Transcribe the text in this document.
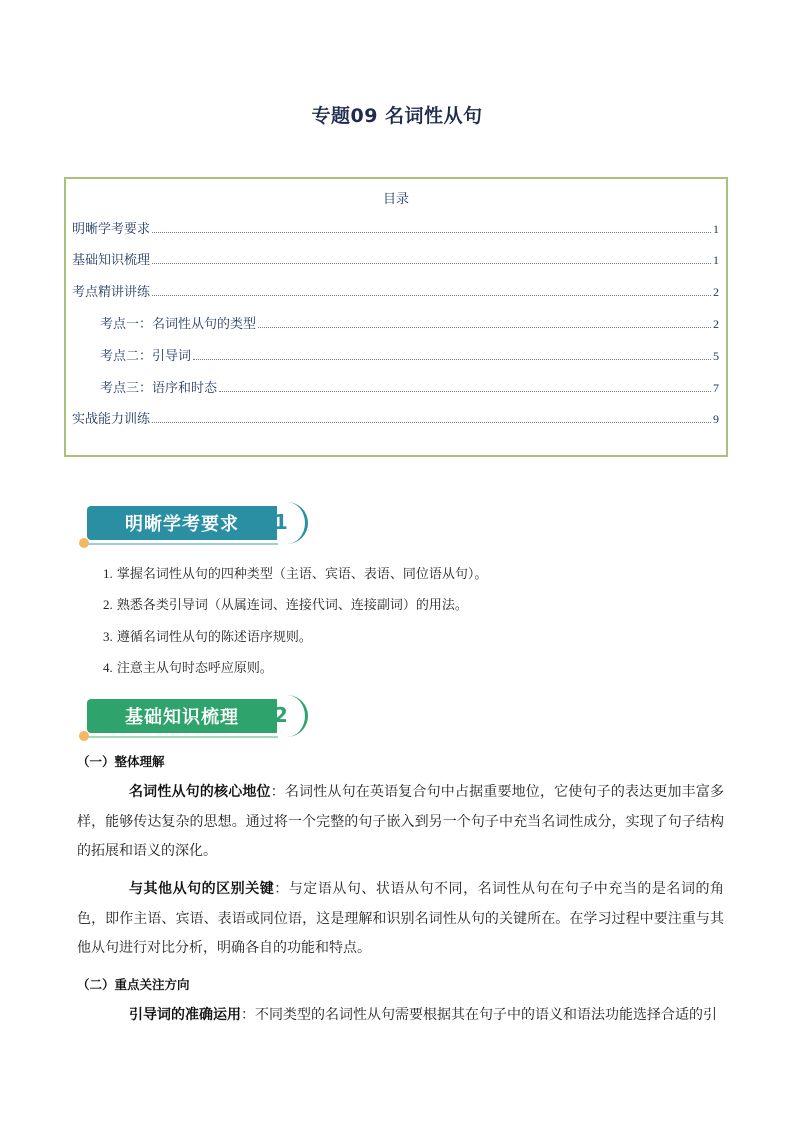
专题09 名词性从句
目录
明晰学考要求	1
基础知识梳理	1
考点精讲讲练	2
考点一：名词性从句的类型	2
考点二：引导词	5
考点三：语序和时态	7
实战能力训练	9
明晰学考要求	01
1. 掌握名词性从句的四种类型（主语、宾语、表语、同位语从句）。
2. 熟悉各类引导词（从属连词、连接代词、连接副词）的用法。
3. 遵循名词性从句的陈述语序规则。
4. 注意主从句时态呼应原则。
基础知识梳理	02
（一）整体理解
名词性从句的核心地位：名词性从句在英语复合句中占据重要地位，它使句子的表达更加丰富多样，能够传达复杂的思想。通过将一个完整的句子嵌入到另一个句子中充当名词性成分，实现了句子结构的拓展和语义的深化。
与其他从句的区别关键：与定语从句、状语从句不同，名词性从句在句子中充当的是名词的角色，即作主语、宾语、表语或同位语，这是理解和识别名词性从句的关键所在。在学习过程中要注重与其他从句进行对比分析，明确各自的功能和特点。
（二）重点关注方向
引导词的准确运用：不同类型的名词性从句需要根据其在句子中的语义和语法功能选择合适的引
